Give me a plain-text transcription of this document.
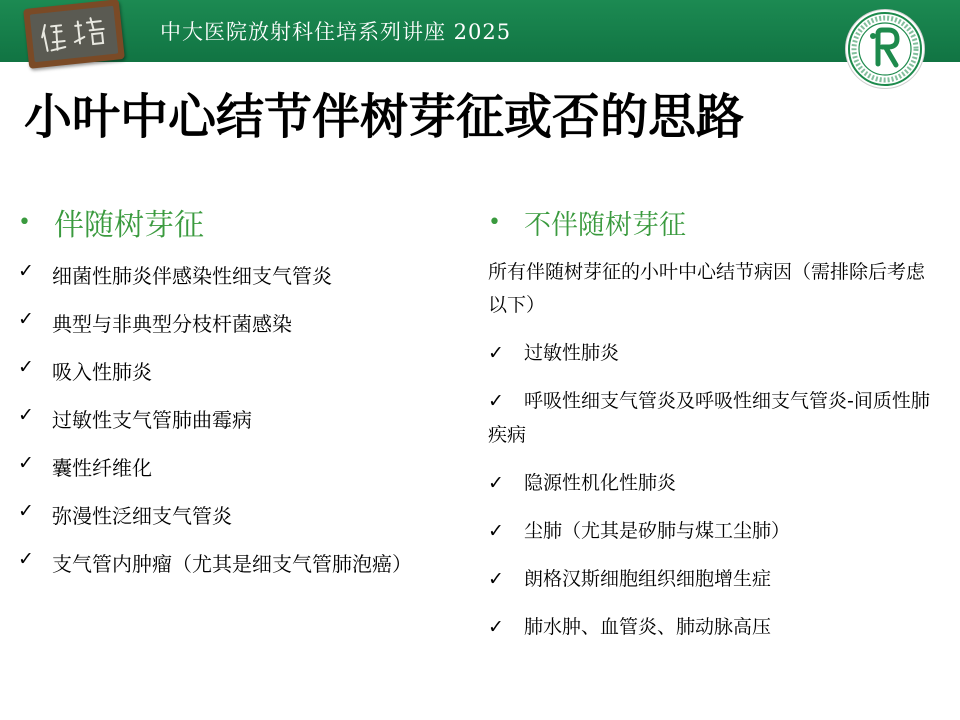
中大医院放射科住培系列讲座 2025
小叶中心结节伴树芽征或否的思路
• 伴随树芽征
✓ 细菌性肺炎伴感染性细支气管炎
✓ 典型与非典型分枝杆菌感染
✓ 吸入性肺炎
✓ 过敏性支气管肺曲霉病
✓ 囊性纤维化
✓ 弥漫性泛细支气管炎
✓ 支气管内肿瘤（尤其是细支气管肺泡癌）
• 不伴随树芽征
所有伴随树芽征的小叶中心结节病因（需排除后考虑以下）
✓ 过敏性肺炎
✓ 呼吸性细支气管炎及呼吸性细支气管炎-间质性肺疾病
✓ 隐源性机化性肺炎
✓ 尘肺（尤其是矽肺与煤工尘肺）
✓ 朗格汉斯细胞组织细胞增生症
✓ 肺水肿、血管炎、肺动脉高压
